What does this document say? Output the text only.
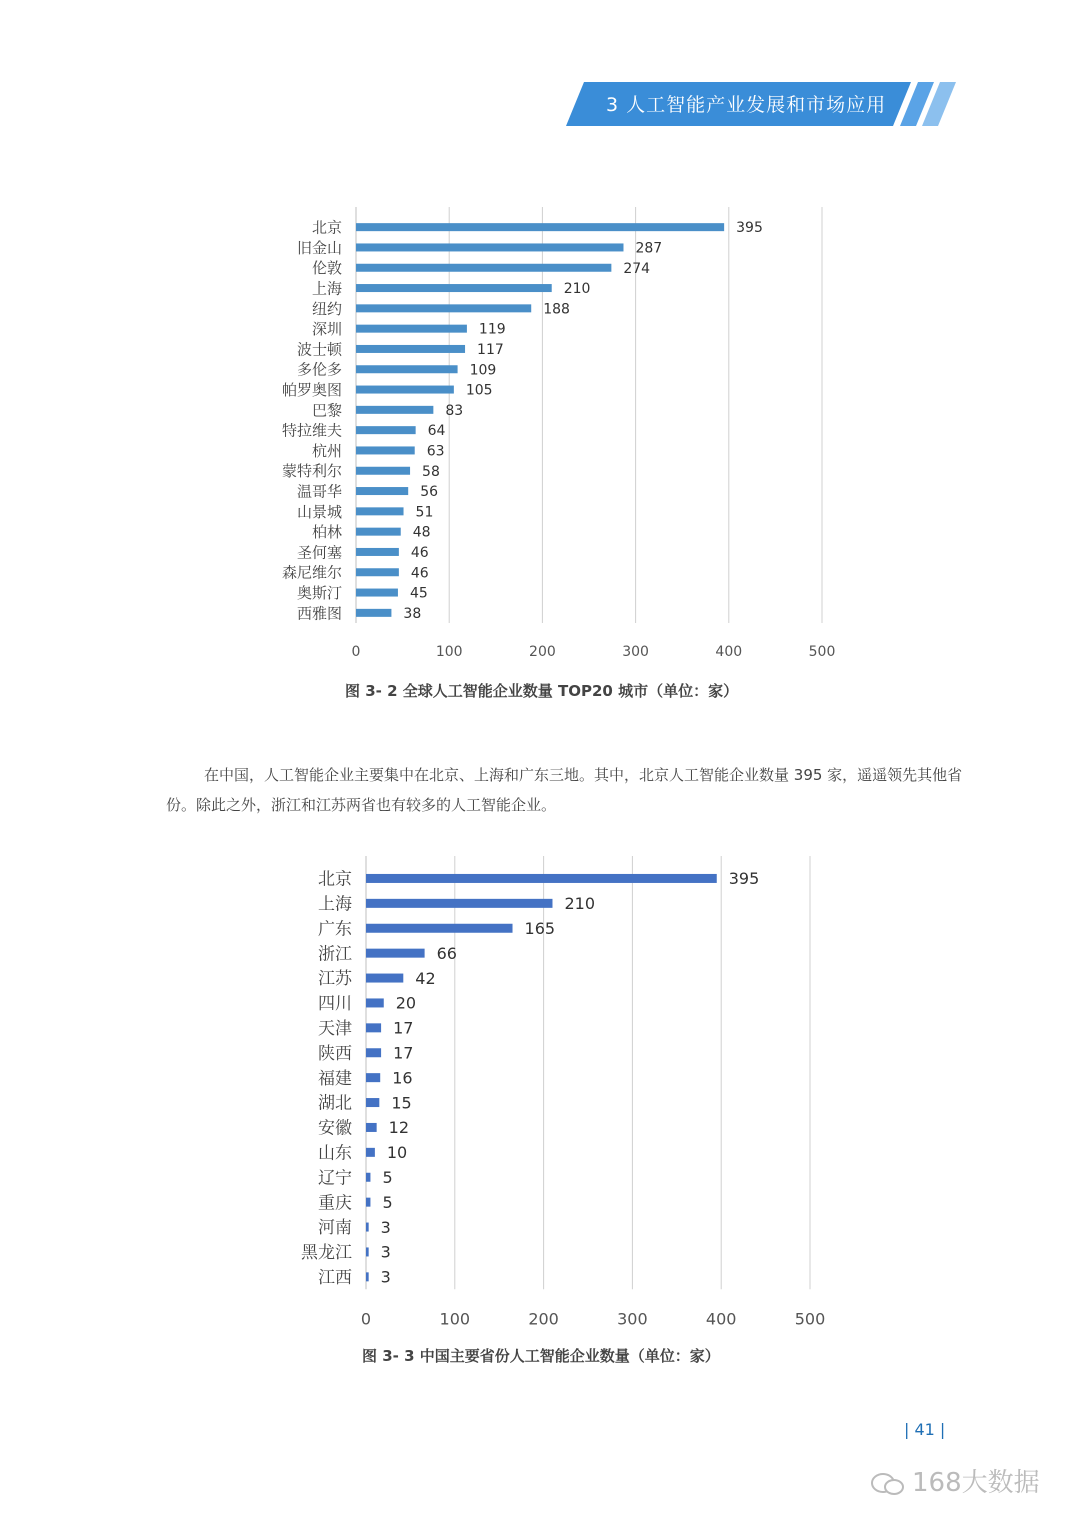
3 人工智能产业发展和市场应用
0	100	200	300	400	500
北京	395
旧金山	287
伦敦	274
上海	210
纽约	188
深圳	119
波士顿	117
多伦多	109
帕罗奥图	105
巴黎	83
特拉维夫	64
杭州	63
蒙特利尔	58
温哥华	56
山景城	51
柏林	48
圣何塞	46
森尼维尔	46
奥斯汀	45
西雅图	38
图 3- 2 全球人工智能企业数量 TOP20 城市（单位：家）
在中国，人工智能企业主要集中在北京、上海和广东三地。其中，北京人工智能企业数量 395 家，遥遥领先其他省份。除此之外，浙江和江苏两省也有较多的人工智能企业。
0	100	200	300	400	500
北京	395
上海	210
广东	165
浙江	66
江苏	42
四川	20
天津	17
陕西	17
福建	16
湖北 15
安徽 12
山东 10
辽宁 5
重庆 5
河南 3
黑龙江 3
江西 3
图 3- 3 中国主要省份人工智能企业数量（单位：家）
| 41 |
168大数据
